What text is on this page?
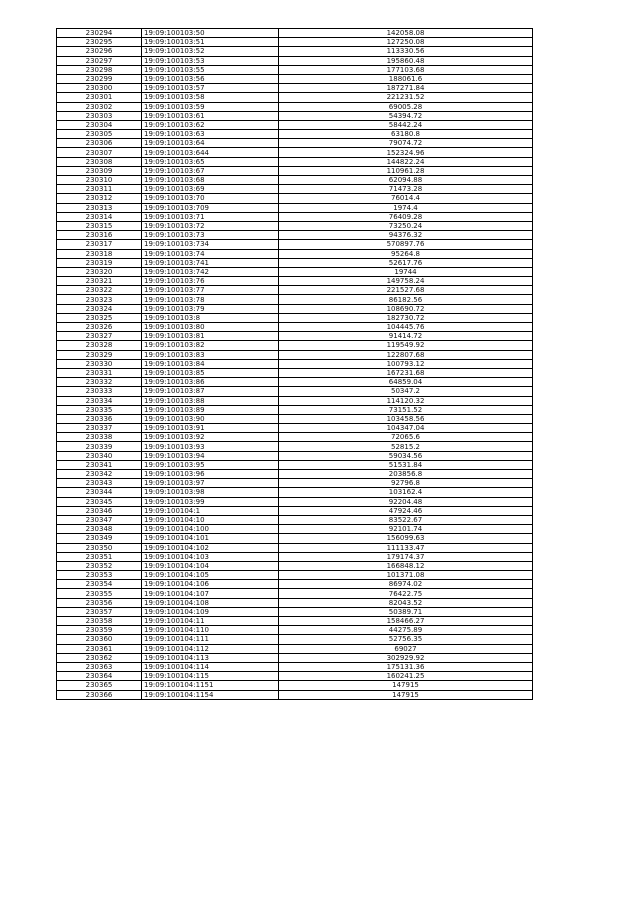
230294	19:09:100103:50	142058.08
230295	19:09:100103:51	127250.08
230296	19:09:100103:52	113330.56
230297	19:09:100103:53	195860.48
230298	19:09:100103:55	177103.68
230299	19:09:100103:56	188061.6
230300	19:09:100103:57	187271.84
230301	19:09:100103:58	221231.52
230302	19:09:100103:59	69005.28
230303	19:09:100103:61	54394.72
230304	19:09:100103:62	58442.24
230305	19:09:100103:63	63180.8
230306	19:09:100103:64	79074.72
230307	19:09:100103:644	152324.96
230308	19:09:100103:65	144822.24
230309	19:09:100103:67	110961.28
230310	19:09:100103:68	62094.88
230311	19:09:100103:69	71473.28
230312	19:09:100103:70	76014.4
230313	19:09:100103:709	1974.4
230314	19:09:100103:71	76409.28
230315	19:09:100103:72	73250.24
230316	19:09:100103:73	94376.32
230317	19:09:100103:734	570897.76
230318	19:09:100103:74	95264.8
230319	19:09:100103:741	52617.76
230320	19:09:100103:742	19744
230321	19:09:100103:76	149758.24
230322	19:09:100103:77	221527.68
230323	19:09:100103:78	86182.56
230324	19:09:100103:79	108690.72
230325	19:09:100103:8	182730.72
230326	19:09:100103:80	104445.76
230327	19:09:100103:81	91414.72
230328	19:09:100103:82	119549.92
230329	19:09:100103:83	122807.68
230330	19:09:100103:84	100793.12
230331	19:09:100103:85	167231.68
230332	19:09:100103:86	64859.04
230333	19:09:100103:87	50347.2
230334	19:09:100103:88	114120.32
230335	19:09:100103:89	73151.52
230336	19:09:100103:90	103458.56
230337	19:09:100103:91	104347.04
230338	19:09:100103:92	72065.6
230339	19:09:100103:93	52815.2
230340	19:09:100103:94	59034.56
230341	19:09:100103:95	51531.84
230342	19:09:100103:96	203856.8
230343	19:09:100103:97	92796.8
230344	19:09:100103:98	103162.4
230345	19:09:100103:99	92204.48
230346	19:09:100104:1	47924.46
230347	19:09:100104:10	83522.67
230348	19:09:100104:100	92101.74
230349	19:09:100104:101	156099.63
230350	19:09:100104:102	111133.47
230351	19:09:100104:103	179174.37
230352	19:09:100104:104	166848.12
230353	19:09:100104:105	101371.08
230354	19:09:100104:106	86974.02
230355	19:09:100104:107	76422.75
230356	19:09:100104:108	82043.52
230357	19:09:100104:109	50389.71
230358	19:09:100104:11	158466.27
230359	19:09:100104:110	44275.89
230360	19:09:100104:111	52756.35
230361	19:09:100104:112	69027
230362	19:09:100104:113	302929.92
230363	19:09:100104:114	175131.36
230364	19:09:100104:115	160241.25
230365	19:09:100104:1151	147915
230366	19:09:100104:1154	147915
